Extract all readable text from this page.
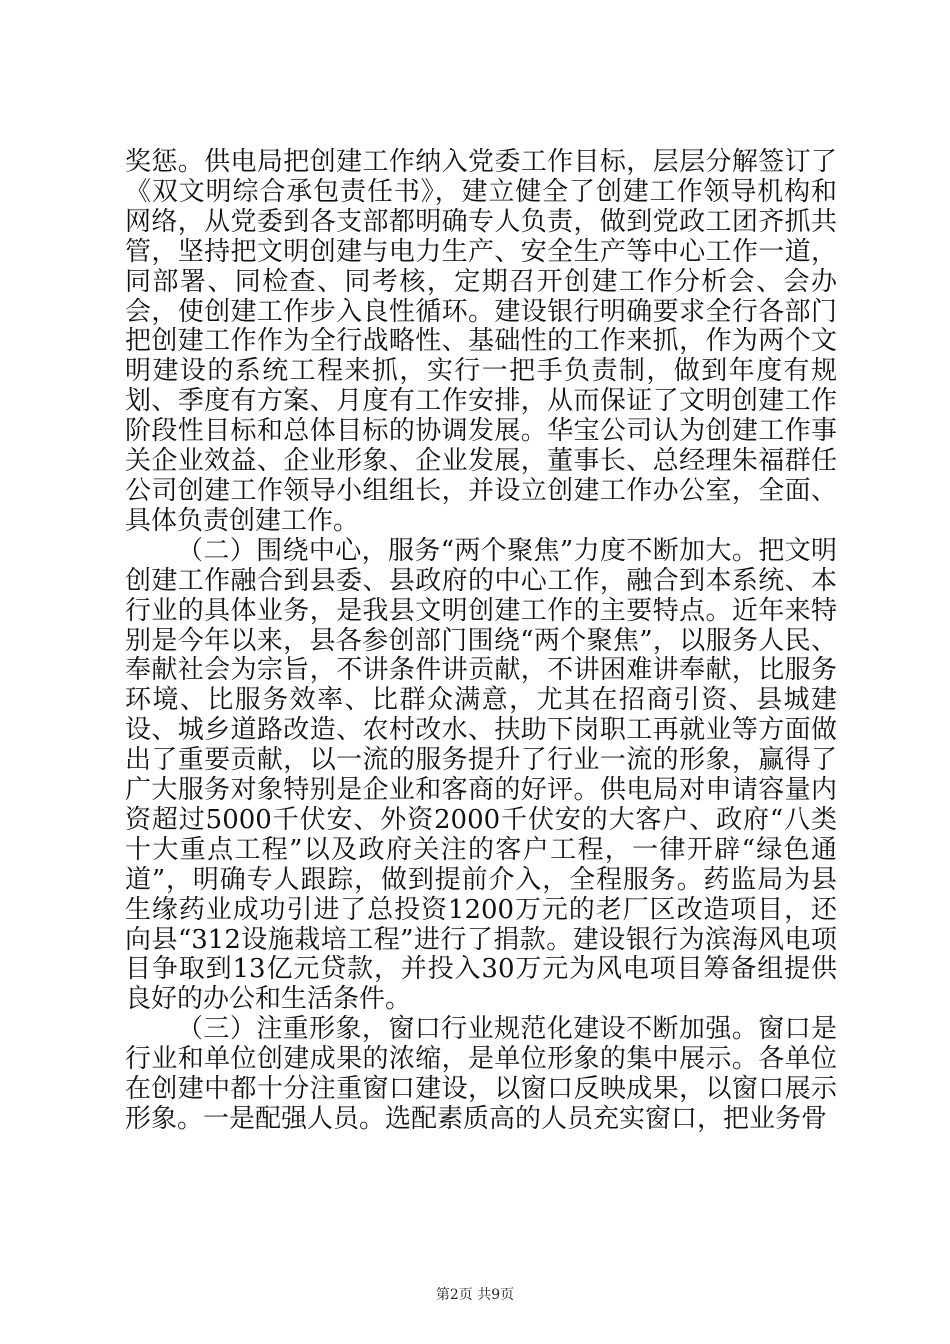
奖惩。供电局把创建工作纳入党委工作目标，层层分解签订了《双文明综合承包责任书》，建立健全了创建工作领导机构和网络，从党委到各支部都明确专人负责，做到党政工团齐抓共管，坚持把文明创建与电力生产、安全生产等中心工作一道，同部署、同检查、同考核，定期召开创建工作分析会、会办会，使创建工作步入良性循环。建设银行明确要求全行各部门把创建工作作为全行战略性、基础性的工作来抓，作为两个文明建设的系统工程来抓，实行一把手负责制，做到年度有规划、季度有方案、月度有工作安排，从而保证了文明创建工作阶段性目标和总体目标的协调发展。华宝公司认为创建工作事关企业效益、企业形象、企业发展，董事长、总经理朱福群任公司创建工作领导小组组长，并设立创建工作办公室，全面、具体负责创建工作。

（二）围绕中心，服务“两个聚焦”力度不断加大。把文明创建工作融合到县委、县政府的中心工作，融合到本系统、本行业的具体业务，是我县文明创建工作的主要特点。近年来特别是今年以来，县各参创部门围绕“两个聚焦”，以服务人民、奉献社会为宗旨，不讲条件讲贡献，不讲困难讲奉献，比服务环境、比服务效率、比群众满意，尤其在招商引资、县城建设、城乡道路改造、农村改水、扶助下岗职工再就业等方面做出了重要贡献，以一流的服务提升了行业一流的形象，赢得了广大服务对象特别是企业和客商的好评。供电局对申请容量内资超过5000千伏安、外资2000千伏安的大客户、政府“八类十大重点工程”以及政府关注的客户工程，一律开辟“绿色通道”，明确专人跟踪，做到提前介入，全程服务。药监局为县生缘药业成功引进了总投资1200万元的老厂区改造项目，还向县“312设施栽培工程”进行了捐款。建设银行为滨海风电项目争取到13亿元贷款，并投入30万元为风电项目筹备组提供良好的办公和生活条件。

（三）注重形象，窗口行业规范化建设不断加强。窗口是行业和单位创建成果的浓缩，是单位形象的集中展示。各单位在创建中都十分注重窗口建设，以窗口反映成果，以窗口展示形象。一是配强人员。选配素质高的人员充实窗口，把业务骨

第2页 共9页
